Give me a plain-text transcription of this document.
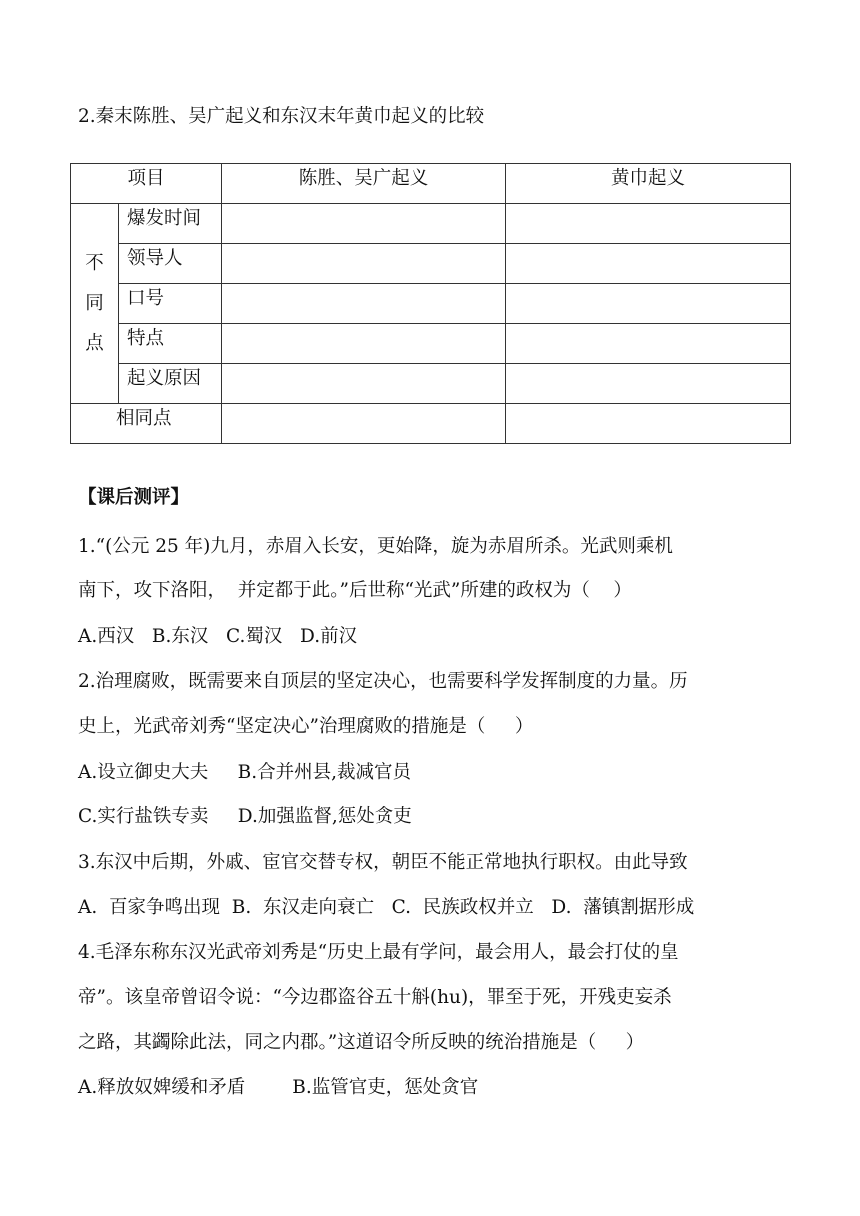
2.秦末陈胜、吴广起义和东汉末年黄巾起义的比较

项目		陈胜、吴广起义	黄巾起义

不
同
点	爆发时间		
	领导人		
	口号		
	特点		
	起义原因		
相同点			

【课后测评】

1.“(公元 25 年)九月，赤眉入长安，更始降，旋为赤眉所杀。光武则乘机

南下，攻下洛阳，  并定都于此。”后世称“光武”所建的政权为（    ）

A.西汉   B.东汉   C.蜀汉   D.前汉

2.治理腐败，既需要来自顶层的坚定决心，也需要科学发挥制度的力量。历

史上，光武帝刘秀“坚定决心”治理腐败的措施是（     ）

A.设立御史大夫     B.合并州县,裁减官员

C.实行盐铁专卖     D.加强监督,惩处贪吏

3.东汉中后期，外戚、宦官交替专权，朝臣不能正常地执行职权。由此导致

A.  百家争鸣出现  B.  东汉走向衰亡   C.  民族政权并立   D.  藩镇割据形成

4.毛泽东称东汉光武帝刘秀是“历史上最有学问，最会用人，最会打仗的皇

帝”。该皇帝曾诏令说：“今边郡盗谷五十斛(hu)，罪至于死，开残吏妄杀

之路，其蠲除此法，同之内郡。”这道诏令所反映的统治措施是（     ）

A.释放奴婢缓和矛盾        B.监管官吏，惩处贪官
